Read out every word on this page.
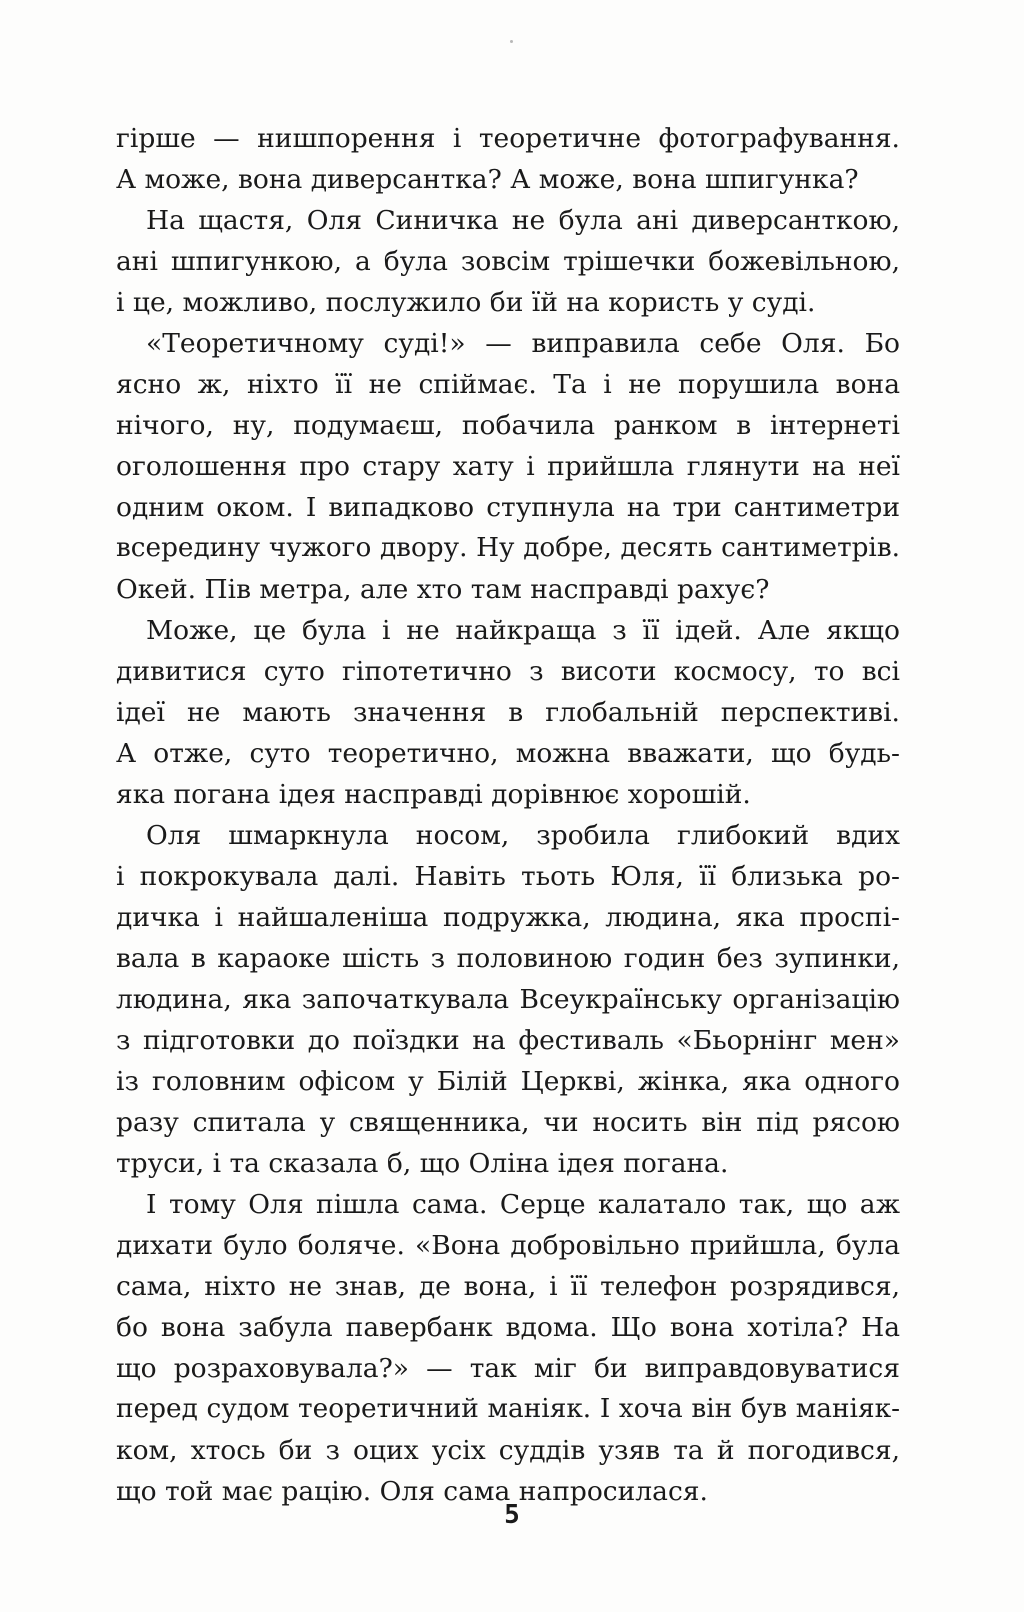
гірше — нишпорення і теоретичне фотографування.
А може, вона диверсантка? А може, вона шпигунка?
На щастя, Оля Синичка не була ані диверсанткою,
ані шпигункою, а була зовсім трішечки божевільною,
і це, можливо, послужило би їй на користь у суді.
«Теоретичному суді!» — виправила себе Оля. Бо
ясно ж, ніхто її не спіймає. Та і не порушила вона
нічого, ну, подумаєш, побачила ранком в інтернеті
оголошення про стару хату і прийшла глянути на неї
одним оком. І випадково ступнула на три сантиметри
всередину чужого двору. Ну добре, десять сантиметрів.
Окей. Пів метра, але хто там насправді рахує?
Може, це була і не найкраща з її ідей. Але якщо
дивитися суто гіпотетично з висоти космосу, то всі
ідеї не мають значення в глобальній перспективі.
А отже, суто теоретично, можна вважати, що будь-
яка погана ідея насправді дорівнює хорошій.
Оля шмаркнула носом, зробила глибокий вдих
і покрокувала далі. Навіть тьоть Юля, її близька ро-
дичка і найшаленіша подружка, людина, яка проспі-
вала в караоке шість з половиною годин без зупинки,
людина, яка започаткувала Всеукраїнську організацію
з підготовки до поїздки на фестиваль «Бьорнінг мен»
із головним офісом у Білій Церкві, жінка, яка одного
разу спитала у священника, чи носить він під рясою
труси, і та сказала б, що Оліна ідея погана.
І тому Оля пішла сама. Серце калатало так, що аж
дихати було боляче. «Вона добровільно прийшла, була
сама, ніхто не знав, де вона, і її телефон розрядився,
бо вона забула павербанк вдома. Що вона хотіла? На
що розраховувала?» — так міг би виправдовуватися
перед судом теоретичний маніяк. І хоча він був маніяк-
ком, хтось би з оцих усіх суддів узяв та й погодився,
що той має рацію. Оля сама напросилася.
5
